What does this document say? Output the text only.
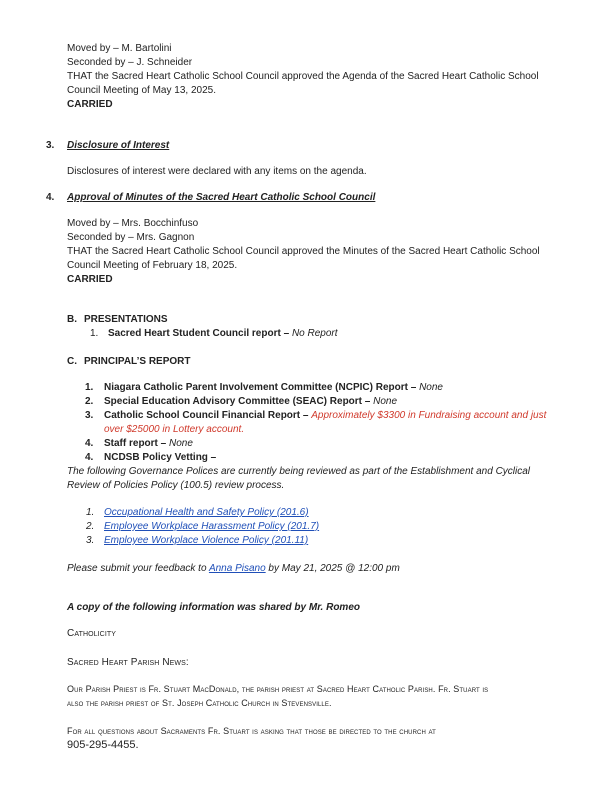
Moved by – M. Bartolini
Seconded by – J. Schneider
THAT the Sacred Heart Catholic School Council approved the Agenda of the Sacred Heart Catholic School
Council Meeting of May 13, 2025.
CARRIED
3. Disclosure of Interest
Disclosures of interest were declared with any items on the agenda.
4. Approval of Minutes of the Sacred Heart Catholic School Council
Moved by – Mrs. Bocchinfuso
Seconded by – Mrs. Gagnon
THAT the Sacred Heart Catholic School Council approved the Minutes of the Sacred Heart Catholic School
Council Meeting of February 18, 2025.
CARRIED
B. PRESENTATIONS
1. Sacred Heart Student Council report – No Report
C. PRINCIPAL’S REPORT
1. Niagara Catholic Parent Involvement Committee (NCPIC) Report – None
2. Special Education Advisory Committee (SEAC) Report – None
3. Catholic School Council Financial Report – Approximately $3300 in Fundraising account and just
over $25000 in Lottery account.
4. Staff report – None
4. NCDSB Policy Vetting –
The following Governance Polices are currently being reviewed as part of the Establishment and Cyclical
Review of Policies Policy (100.5) review process.
1. Occupational Health and Safety Policy (201.6)
2. Employee Workplace Harassment Policy (201.7)
3. Employee Workplace Violence Policy (201.11)
Please submit your feedback to Anna Pisano by May 21, 2025 @ 12:00 pm
A copy of the following information was shared by Mr. Romeo
Catholicity
Sacred Heart Parish News:
Our Parish Priest is Fr. Stuart MacDonald, the parish priest at Sacred Heart Catholic Parish. Fr. Stuart is
also the parish priest of St. Joseph Catholic Church in Stevensville.
For all questions about Sacraments Fr. Stuart is asking that those be directed to the church at
905-295-4455.
